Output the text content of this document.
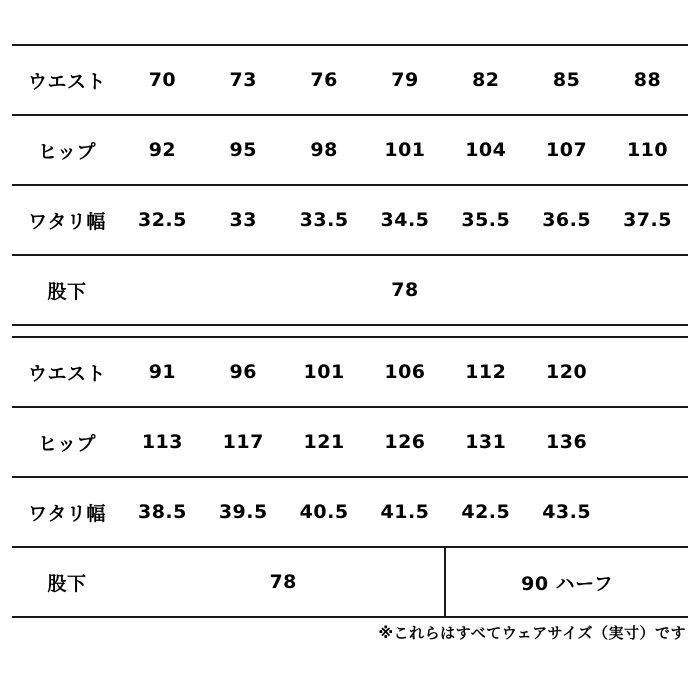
ウエスト	70	73	76	79	82	85	88
ヒップ	92	95	98	101	104	107	110
ワタリ幅	32.5	33	33.5	34.5	35.5	36.5	37.5
股下	78						

ウエスト	91	96	101	106	112	120	
ヒップ	113	117	121	126	131	136	
ワタリ幅	38.5	39.5	40.5	41.5	42.5	43.5	
股下	78				90 ハーフ		
※これらはすべてウェアサイズ（実寸）です
